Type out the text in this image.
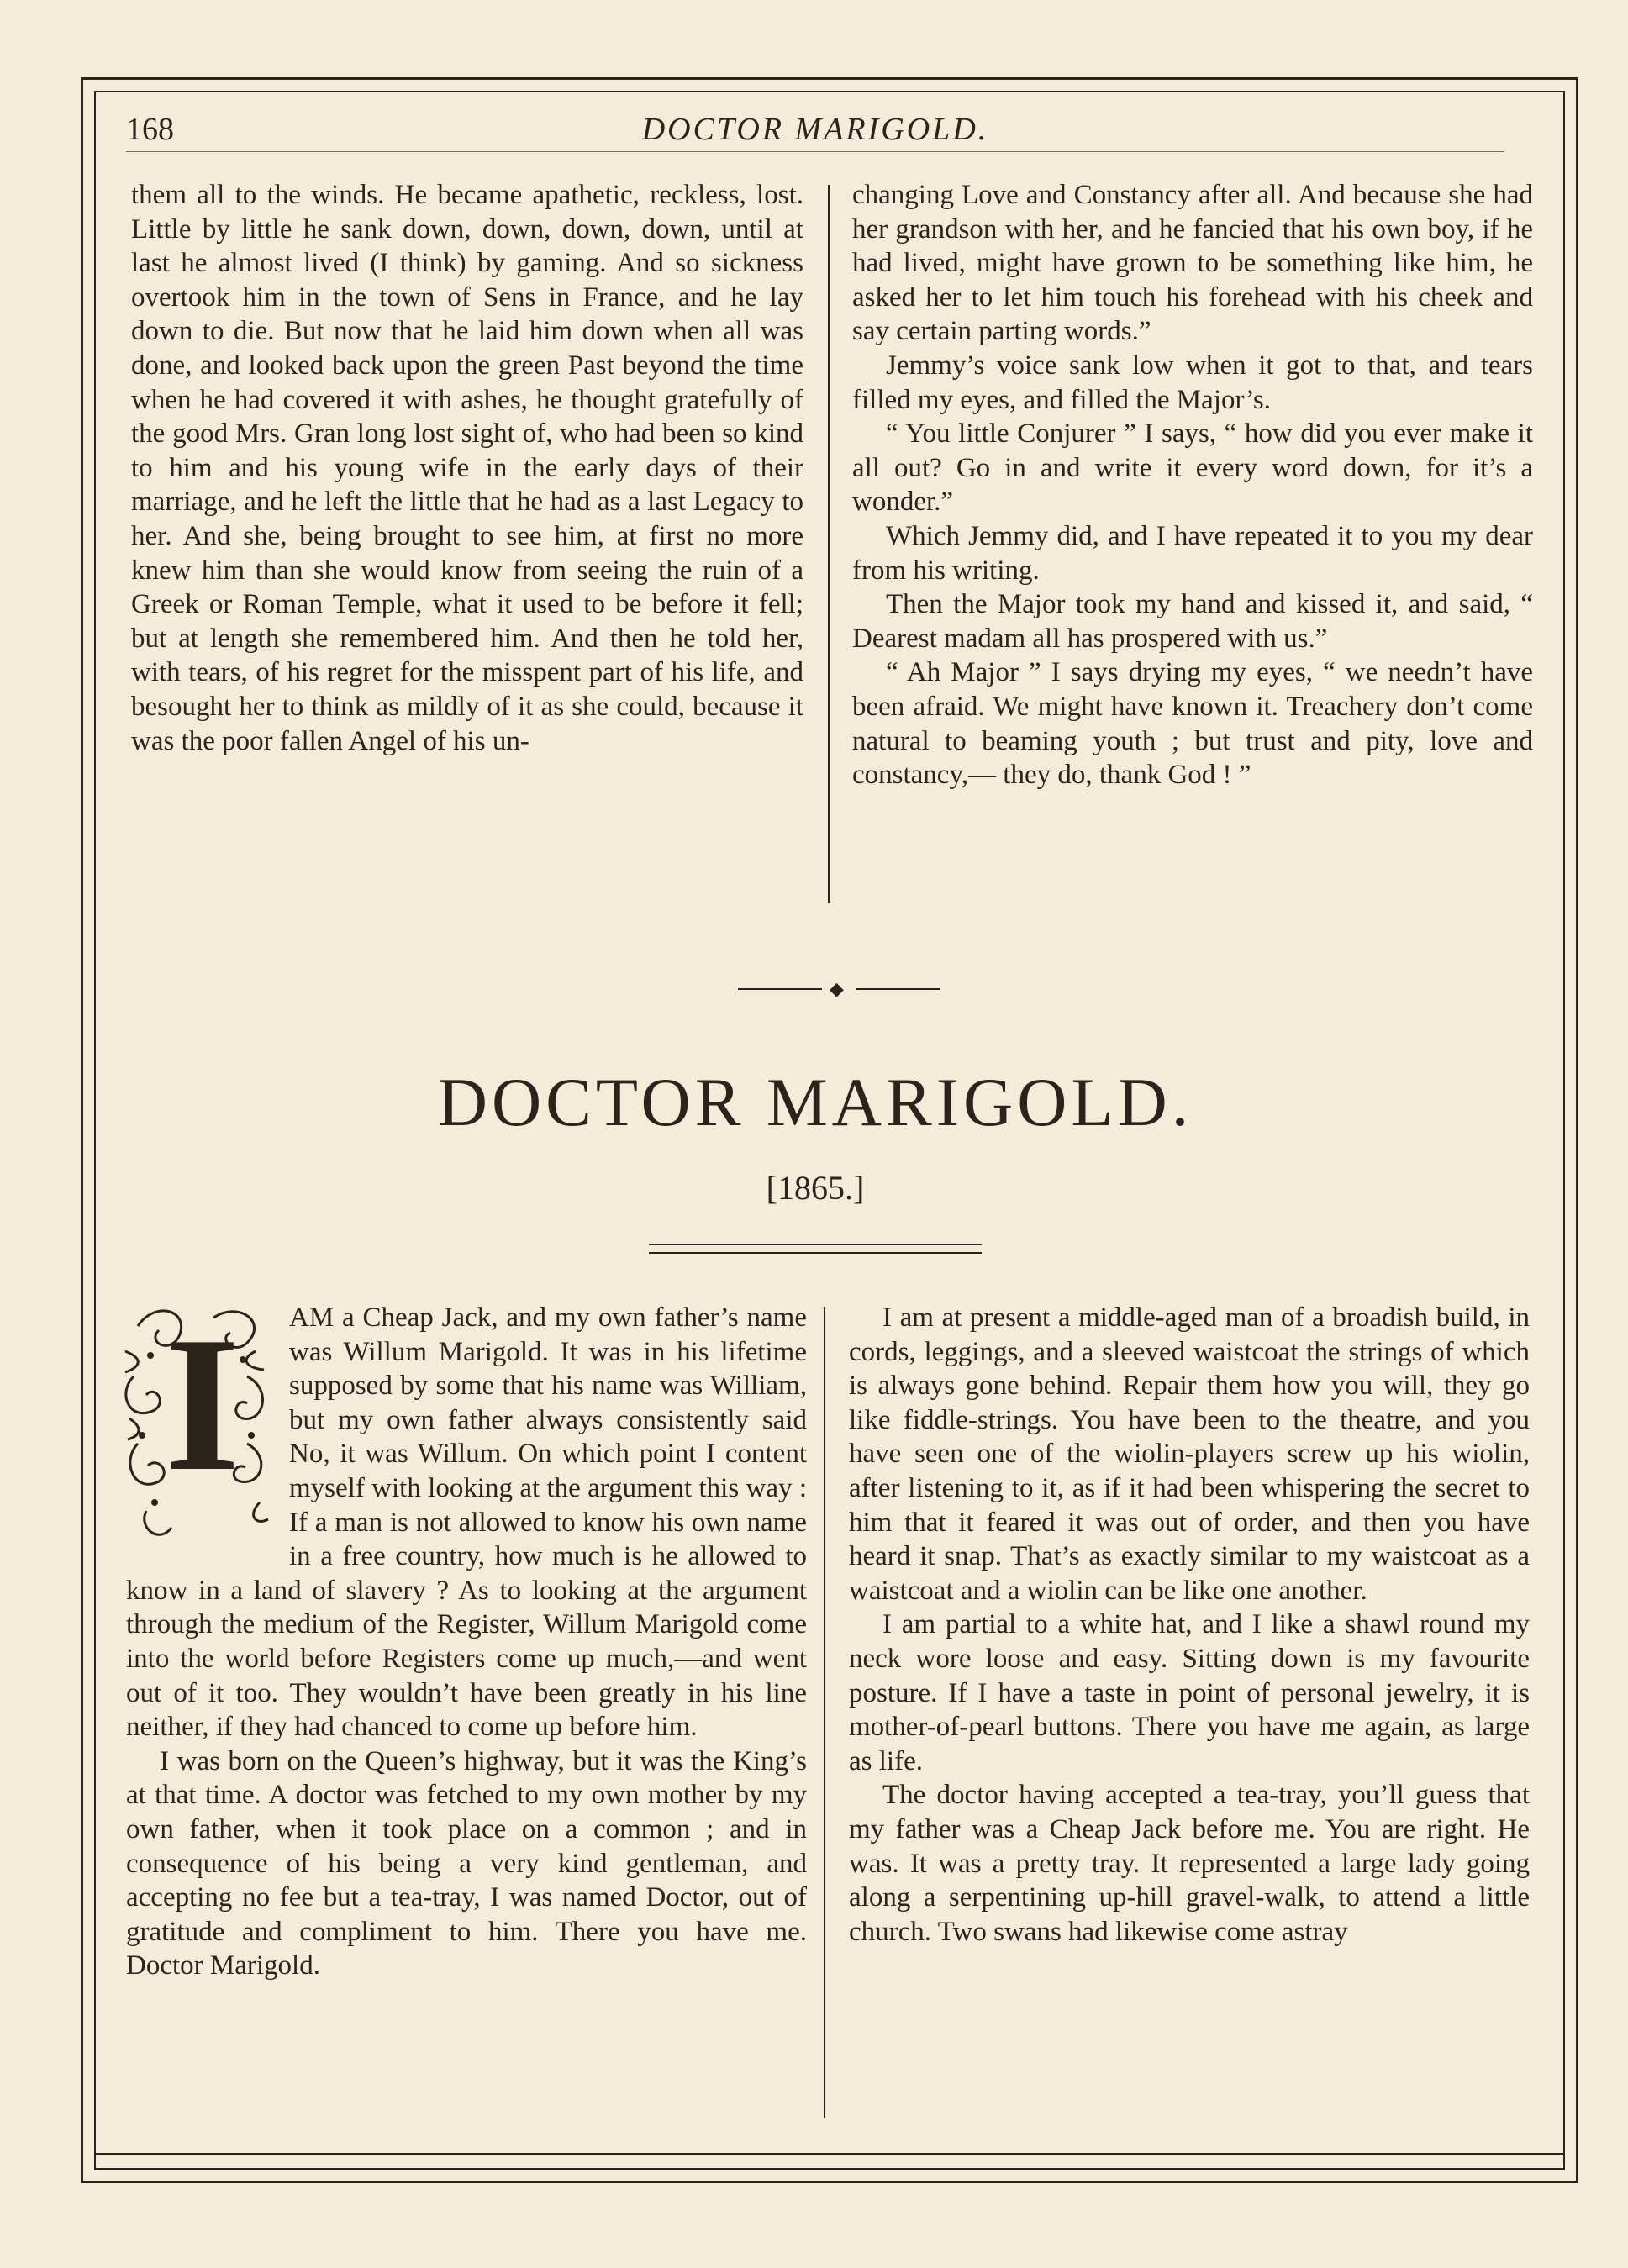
168	DOCTOR MARIGOLD.

them all to the winds. He became apathetic, reckless, lost. Little by little he sank down, down, down, down, until at last he almost lived (I think) by gaming. And so sickness overtook him in the town of Sens in France, and he lay down to die. But now that he laid him down when all was done, and looked back upon the green Past beyond the time when he had covered it with ashes, he thought gratefully of the good Mrs. Gran long lost sight of, who had been so kind to him and his young wife in the early days of their marriage, and he left the little that he had as a last Legacy to her. And she, being brought to see him, at first no more knew him than she would know from seeing the ruin of a Greek or Roman Temple, what it used to be before it fell; but at length she remembered him. And then he told her, with tears, of his regret for the misspent part of his life, and besought her to think as mildly of it as she could, because it was the poor fallen Angel of his un-

changing Love and Constancy after all. And because she had her grandson with her, and he fancied that his own boy, if he had lived, might have grown to be something like him, he asked her to let him touch his forehead with his cheek and say certain parting words.”

Jemmy’s voice sank low when it got to that, and tears filled my eyes, and filled the Major’s.

“ You little Conjurer ” I says, “ how did you ever make it all out? Go in and write it every word down, for it’s a wonder.”

Which Jemmy did, and I have repeated it to you my dear from his writing.

Then the Major took my hand and kissed it, and said, “ Dearest madam all has prospered with us.”

“ Ah Major ” I says drying my eyes, “ we needn’t have been afraid. We might have known it. Treachery don’t come natural to beaming youth ; but trust and pity, love and constancy,— they do, thank God ! ”

◆
DOCTOR MARIGOLD.
[1865.]
I	AM a Cheap Jack, and my own father’s name was Willum Marigold. It was in his lifetime supposed by some that his name was William, but my own father always consistently said No, it was Willum. On which point I content myself with looking at the argument this way : If a man is not allowed to know his own name in a free country, how much is he allowed to know in a land of slavery ? As to looking at the argument through the medium of the Register, Willum Marigold come into the world before Registers come up much,—and went out of it too. They wouldn’t have been greatly in his line neither, if they had chanced to come up before him.

I was born on the Queen’s highway, but it was the King’s at that time. A doctor was fetched to my own mother by my own father, when it took place on a common ; and in consequence of his being a very kind gentleman, and accepting no fee but a tea-tray, I was named Doctor, out of gratitude and compliment to him. There you have me. Doctor Marigold.

I am at present a middle-aged man of a broadish build, in cords, leggings, and a sleeved waistcoat the strings of which is always gone behind. Repair them how you will, they go like fiddle-strings. You have been to the theatre, and you have seen one of the wiolin-players screw up his wiolin, after listening to it, as if it had been whispering the secret to him that it feared it was out of order, and then you have heard it snap. That’s as exactly similar to my waistcoat as a waistcoat and a wiolin can be like one another.

I am partial to a white hat, and I like a shawl round my neck wore loose and easy. Sitting down is my favourite posture. If I have a taste in point of personal jewelry, it is mother-of-pearl buttons. There you have me again, as large as life.

The doctor having accepted a tea-tray, you’ll guess that my father was a Cheap Jack before me. You are right. He was. It was a pretty tray. It represented a large lady going along a serpentining up-hill gravel-walk, to attend a little church. Two swans had likewise come astray
